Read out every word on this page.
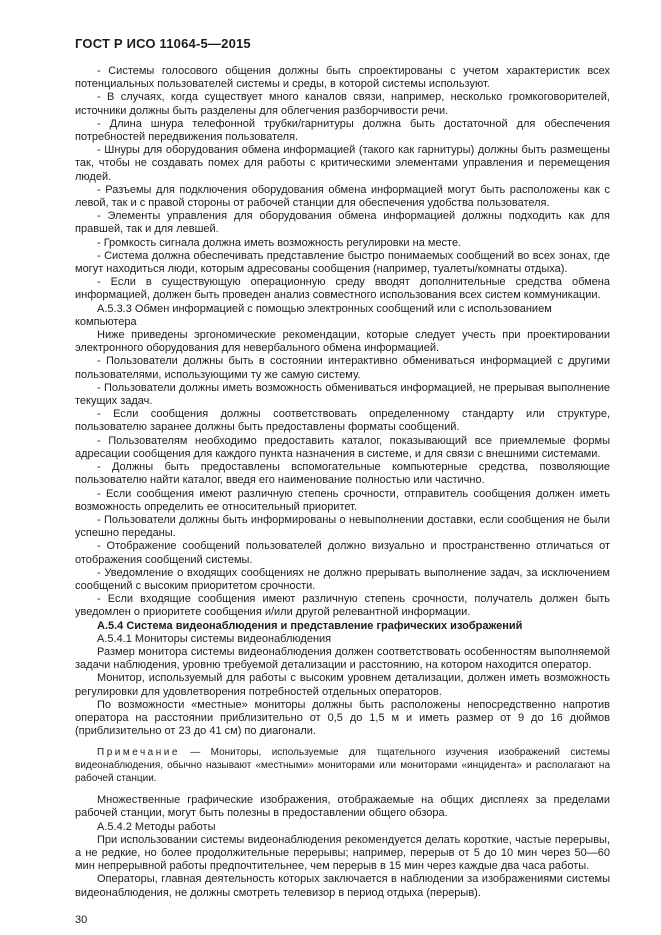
ГОСТ Р ИСО 11064-5—2015

- Системы голосового общения должны быть спроектированы с учетом характеристик всех потенциальных пользователей системы и среды, в которой системы используют.

- В случаях, когда существует много каналов связи, например, несколько громкоговорителей, источники должны быть разделены для облегчения разборчивости речи.

- Длина шнура телефонной трубки/гарнитуры должна быть достаточной для обеспечения потребностей передвижения пользователя.

- Шнуры для оборудования обмена информацией (такого как гарнитуры) должны быть размещены так, чтобы не создавать помех для работы с критическими элементами управления и перемещения людей.

- Разъемы для подключения оборудования обмена информацией могут быть расположены как с левой, так и с правой стороны от рабочей станции для обеспечения удобства пользователя.

- Элементы управления для оборудования обмена информацией должны подходить как для правшей, так и для левшей.

- Громкость сигнала должна иметь возможность регулировки на месте.

- Система должна обеспечивать представление быстро понимаемых сообщений во всех зонах, где могут находиться люди, которым адресованы сообщения (например, туалеты/комнаты отдыха).

- Если в существующую операционную среду вводят дополнительные средства обмена информацией, должен быть проведен анализ совместного использования всех систем коммуникации.

А.5.3.3 Обмен информацией с помощью электронных сообщений или с использованием компьютера

Ниже приведены эргономические рекомендации, которые следует учесть при проектировании электронного оборудования для невербального обмена информацией.

- Пользователи должны быть в состоянии интерактивно обмениваться информацией с другими пользователями, использующими ту же самую систему.

- Пользователи должны иметь возможность обмениваться информацией, не прерывая выполнение текущих задач.

- Если сообщения должны соответствовать определенному стандарту или структуре, пользователю заранее должны быть предоставлены форматы сообщений.

- Пользователям необходимо предоставить каталог, показывающий все приемлемые формы адресации сообщения для каждого пункта назначения в системе, и для связи с внешними системами.

- Должны быть предоставлены вспомогательные компьютерные средства, позволяющие пользователю найти каталог, введя его наименование полностью или частично.

- Если сообщения имеют различную степень срочности, отправитель сообщения должен иметь возможность определить ее относительный приоритет.

- Пользователи должны быть информированы о невыполнении доставки, если сообщения не были успешно переданы.

- Отображение сообщений пользователей должно визуально и пространственно отличаться от отображения сообщений системы.

- Уведомление о входящих сообщениях не должно прерывать выполнение задач, за исключением сообщений с высоким приоритетом срочности.

- Если входящие сообщения имеют различную степень срочности, получатель должен быть уведомлен о приоритете сообщения и/или другой релевантной информации.

А.5.4 Система видеонаблюдения и представление графических изображений

А.5.4.1 Мониторы системы видеонаблюдения

Размер монитора системы видеонаблюдения должен соответствовать особенностям выполняемой задачи наблюдения, уровню требуемой детализации и расстоянию, на котором находится оператор.

Монитор, используемый для работы с высоким уровнем детализации, должен иметь возможность регулировки для удовлетворения потребностей отдельных операторов.

По возможности «местные» мониторы должны быть расположены непосредственно напротив оператора на расстоянии приблизительно от 0,5 до 1,5 м и иметь размер от 9 до 16 дюймов (приблизительно от 23 до 41 см) по диагонали.

Примечание — Мониторы, используемые для тщательного изучения изображений системы видеонаблюдения, обычно называют «местными» мониторами или мониторами «инцидента» и располагают на рабочей станции.

Множественные графические изображения, отображаемые на общих дисплеях за пределами рабочей станции, могут быть полезны в предоставлении общего обзора.

А.5.4.2 Методы работы

При использовании системы видеонаблюдения рекомендуется делать короткие, частые перерывы, а не редкие, но более продолжительные перерывы; например, перерыв от 5 до 10 мин через 50—60 мин непрерывной работы предпочтительнее, чем перерыв в 15 мин через каждые два часа работы.

Операторы, главная деятельность которых заключается в наблюдении за изображениями системы видеонаблюдения, не должны смотреть телевизор в период отдыха (перерыв).

30
